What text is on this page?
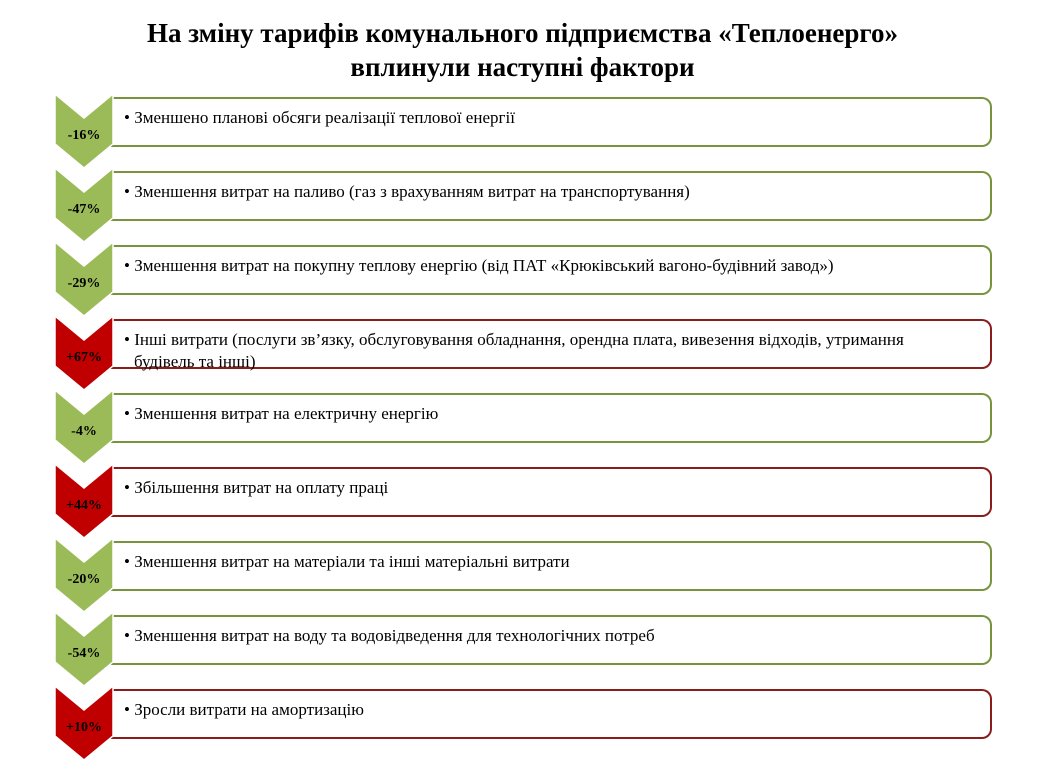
На зміну тарифів комунального підприємства «Теплоенерго»
вплинули наступні фактори
• Зменшено планові обсяги реалізації теплової енергії
-16%
• Зменшення витрат на паливо (газ з врахуванням витрат на транспортування)
-47%
• Зменшення витрат на покупну теплову енергію (від ПАТ «Крюківський вагоно-будівний завод»)
-29%
• Інші витрати (послуги зв’язку, обслуговування обладнання, орендна плата, вивезення відходів, утримання будівель та інші)
+67%
• Зменшення витрат на електричну енергію
-4%
• Збільшення витрат на оплату праці
+44%
• Зменшення витрат на матеріали та інші матеріальні витрати
-20%
• Зменшення витрат на воду та водовідведення для технологічних потреб
-54%
• Зросли витрати на амортизацію
+10%
